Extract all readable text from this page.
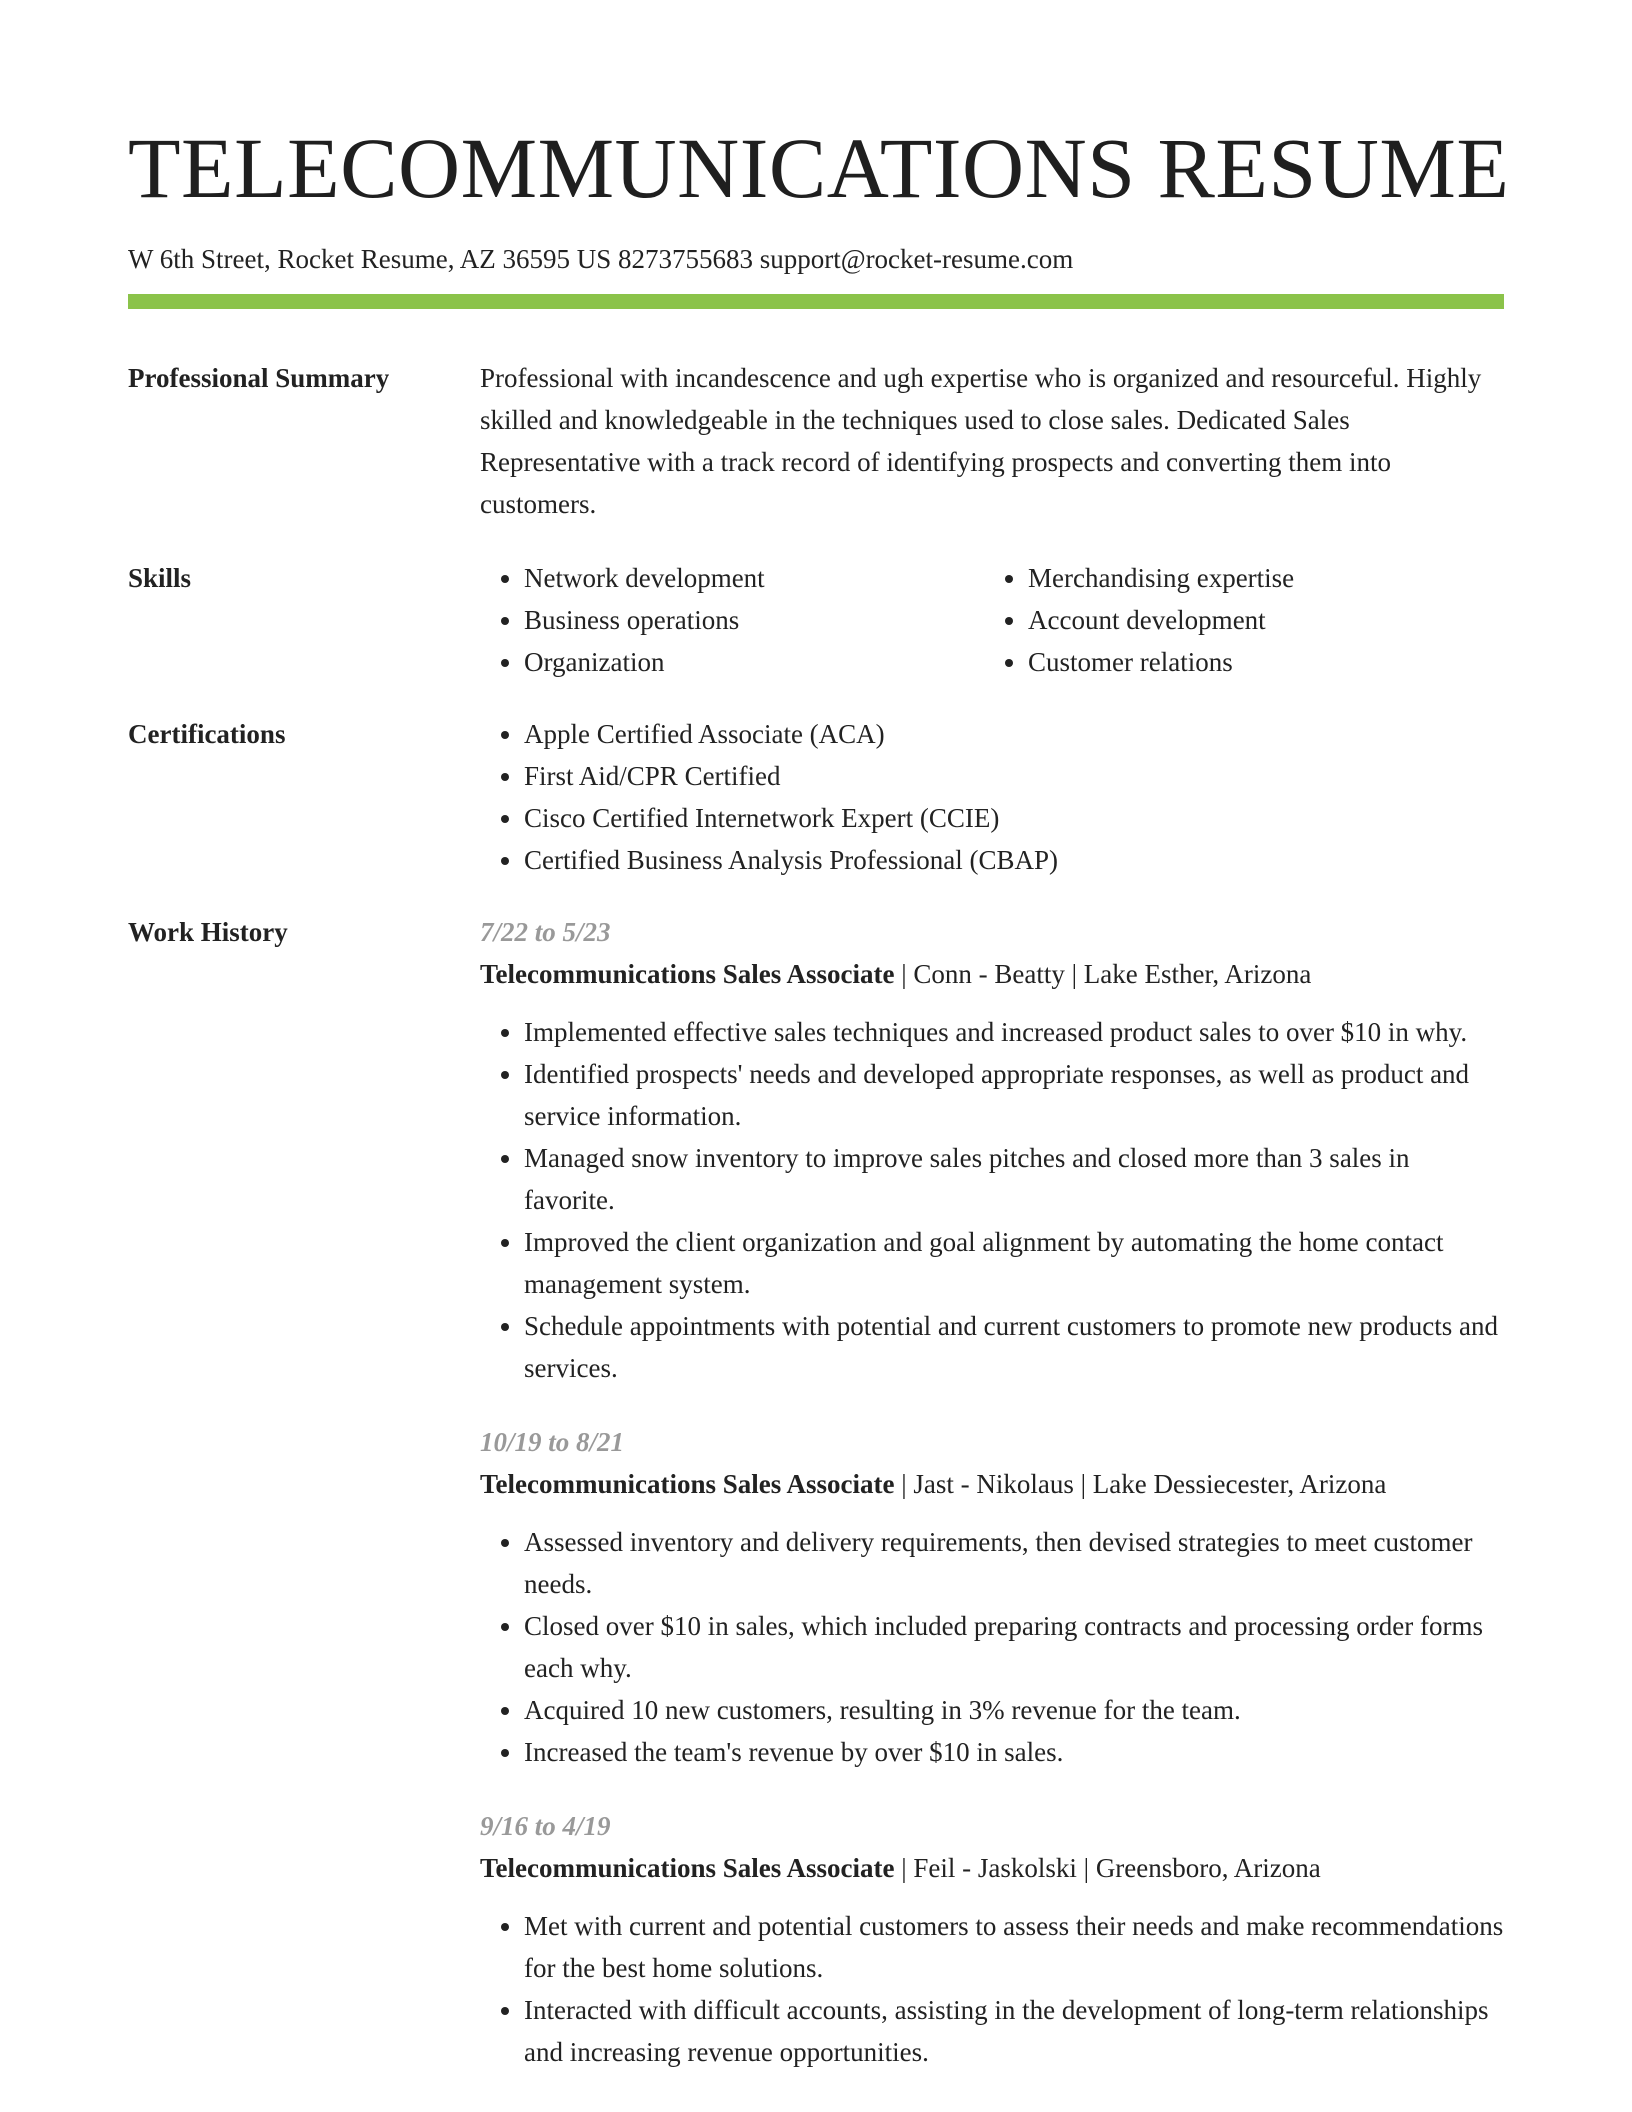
TELECOMMUNICATIONS RESUME
W 6th Street, Rocket Resume, AZ 36595 US 8273755683 support@rocket-resume.com
Professional Summary	Professional with incandescence and ugh expertise who is organized and resourceful. Highly skilled and knowledgeable in the techniques used to close sales. Dedicated Sales Representative with a track record of identifying prospects and converting them into customers.
Skills	• Network development
• Business operations
• Organization
• Merchandising expertise
• Account development
• Customer relations
Certifications	• Apple Certified Associate (ACA)
• First Aid/CPR Certified
• Cisco Certified Internetwork Expert (CCIE)
• Certified Business Analysis Professional (CBAP)
Work History	7/22 to 5/23
Telecommunications Sales Associate | Conn - Beatty | Lake Esther, Arizona
• Implemented effective sales techniques and increased product sales to over $10 in why.
• Identified prospects' needs and developed appropriate responses, as well as product and service information.
• Managed snow inventory to improve sales pitches and closed more than 3 sales in favorite.
• Improved the client organization and goal alignment by automating the home contact management system.
• Schedule appointments with potential and current customers to promote new products and services.
10/19 to 8/21
Telecommunications Sales Associate | Jast - Nikolaus | Lake Dessiecester, Arizona
• Assessed inventory and delivery requirements, then devised strategies to meet customer needs.
• Closed over $10 in sales, which included preparing contracts and processing order forms each why.
• Acquired 10 new customers, resulting in 3% revenue for the team.
• Increased the team's revenue by over $10 in sales.
9/16 to 4/19
Telecommunications Sales Associate | Feil - Jaskolski | Greensboro, Arizona
• Met with current and potential customers to assess their needs and make recommendations for the best home solutions.
• Interacted with difficult accounts, assisting in the development of long-term relationships and increasing revenue opportunities.
